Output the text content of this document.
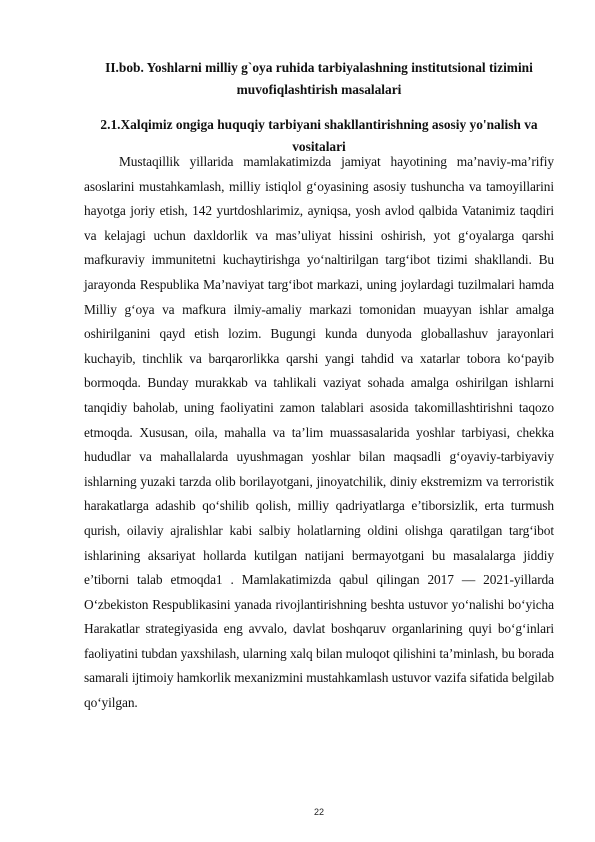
II.bob. Yoshlarni milliy g`oya ruhida tarbiyalashning institutsional tizimini muvofiqlashtirish masalalari
2.1.Xalqimiz ongiga huquqiy tarbiyani shakllantirishning asosiy yo'nalish va vositalari

Mustaqillik yillarida mamlakatimizda jamiyat hayotining ma’naviy-ma’rifiy asoslarini mustahkamlash, milliy istiqlol g‘oyasining asosiy tushuncha va tamoyillarini hayotga joriy etish, 142 yurtdoshlarimiz, ayniqsa, yosh avlod qalbida Vatanimiz taqdiri va kelajagi uchun daxldorlik va mas’uliyat hissini oshirish, yot g‘oyalarga qarshi mafkuraviy immunitetni kuchaytirishga yo‘naltirilgan targ‘ibot tizimi shakllandi. Bu jarayonda Respublika Ma’naviyat targ‘ibot markazi, uning joylardagi tuzilmalari hamda Milliy g‘oya va mafkura ilmiy-amaliy markazi tomonidan muayyan ishlar amalga oshirilganini qayd etish lozim. Bugungi kunda dunyoda globallashuv jarayonlari kuchayib, tinchlik va barqarorlikka qarshi yangi tahdid va xatarlar tobora ko‘payib bormoqda. Bunday murakkab va tahlikali vaziyat sohada amalga oshirilgan ishlarni tanqidiy baholab, uning faoliyatini zamon talablari asosida takomillashtirishni taqozo etmoqda. Xususan, oila, mahalla va ta’lim muassasalarida yoshlar tarbiyasi, chekka hududlar va mahallalarda uyushmagan yoshlar bilan maqsadli g‘oyaviy-tarbiyaviy ishlarning yuzaki tarzda olib borilayotgani, jinoyatchilik, diniy ekstremizm va terroristik harakatlarga adashib qo‘shilib qolish, milliy qadriyatlarga e’tiborsizlik, erta turmush qurish, oilaviy ajralishlar kabi salbiy holatlarning oldini olishga qaratilgan targ‘ibot ishlarining aksariyat hollarda kutilgan natijani bermayotgani bu masalalarga jiddiy e’tiborni talab etmoqda1 . Mamlakatimizda qabul qilingan 2017 — 2021-yillarda O‘zbekiston Respublikasini yanada rivojlantirishning beshta ustuvor yo‘nalishi bo‘yicha Harakatlar strategiyasida eng avvalo, davlat boshqaruv organlarining quyi bo‘g‘inlari faoliyatini tubdan yaxshilash, ularning xalq bilan muloqot qilishini ta’minlash, bu borada samarali ijtimoiy hamkorlik mexanizmini mustahkamlash ustuvor vazifa sifatida belgilab qo‘yilgan.

22
